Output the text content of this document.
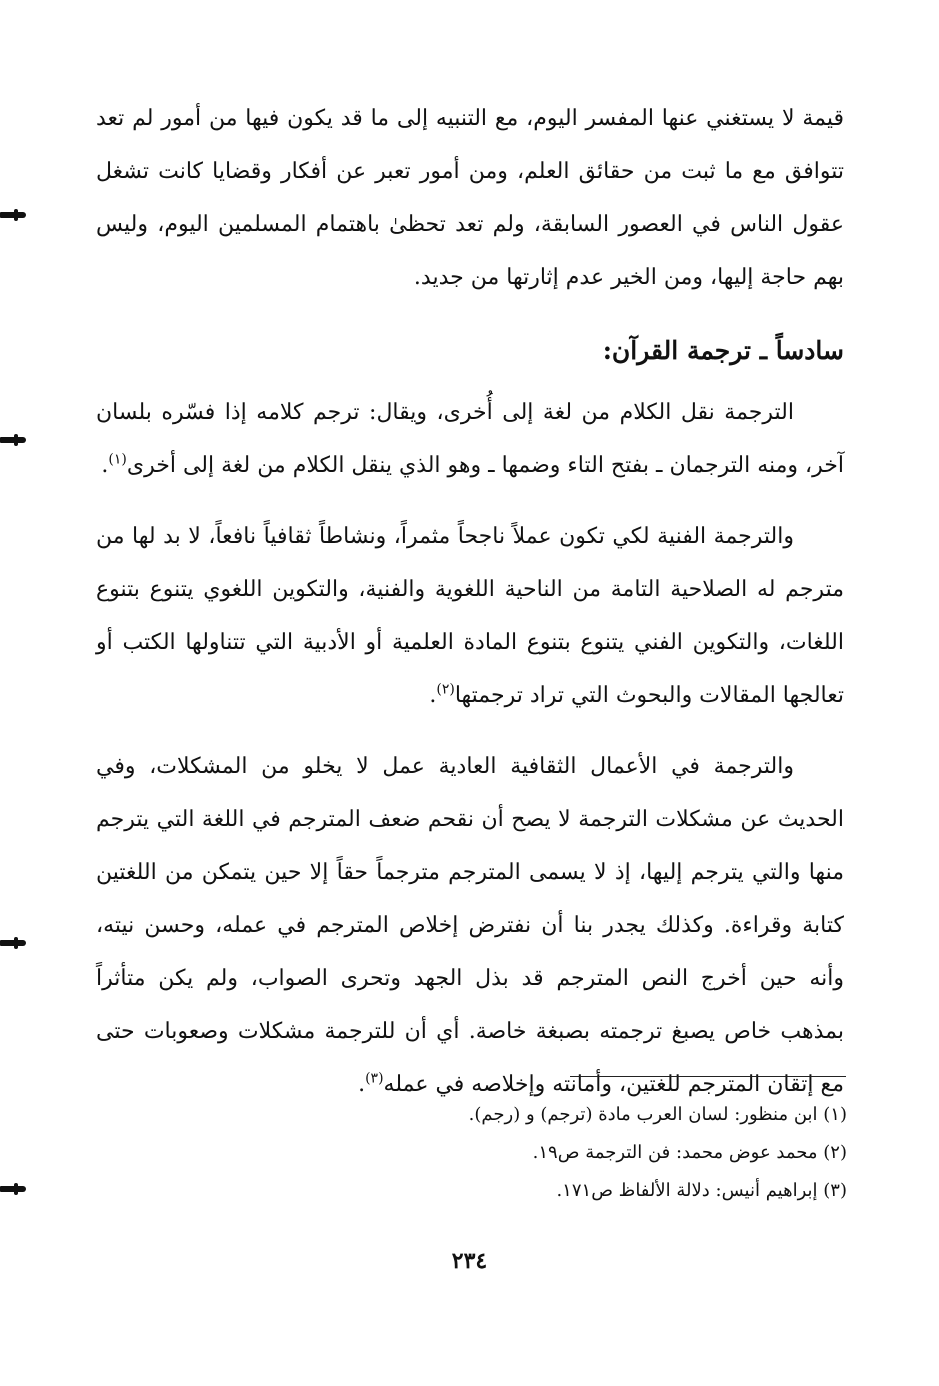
قيمة لا يستغني عنها المفسر اليوم، مع التنبيه إلى ما قد يكون فيها من أمور لم تعد تتوافق مع ما ثبت من حقائق العلم، ومن أمور تعبر عن أفكار وقضايا كانت تشغل عقول الناس في العصور السابقة، ولم تعد تحظىٰ باهتمام المسلمين اليوم، وليس بهم حاجة إليها، ومن الخير عدم إثارتها من جديد.

سادساً ـ ترجمة القرآن:

الترجمة نقل الكلام من لغة إلى أُخرى، ويقال: ترجم كلامه إذا فسّره بلسان آخر، ومنه الترجمان ـ بفتح التاء وضمها ـ وهو الذي ينقل الكلام من لغة إلى أخرى$^{(١)}$.

والترجمة الفنية لكي تكون عملاً ناجحاً مثمراً، ونشاطاً ثقافياً نافعاً، لا بد لها من مترجم له الصلاحية التامة من الناحية اللغوية والفنية، والتكوين اللغوي يتنوع بتنوع اللغات، والتكوين الفني يتنوع بتنوع المادة العلمية أو الأدبية التي تتناولها الكتب أو تعالجها المقالات والبحوث التي تراد ترجمتها$^{(٢)}$.

والترجمة في الأعمال الثقافية العادية عمل لا يخلو من المشكلات، وفي الحديث عن مشكلات الترجمة لا يصح أن نقحم ضعف المترجم في اللغة التي يترجم منها والتي يترجم إليها، إذ لا يسمى المترجم مترجماً حقاً إلا حين يتمكن من اللغتين كتابة وقراءة. وكذلك يجدر بنا أن نفترض إخلاص المترجم في عمله، وحسن نيته، وأنه حين أخرج النص المترجم قد بذل الجهد وتحرى الصواب، ولم يكن متأثراً بمذهب خاص يصبغ ترجمته بصبغة خاصة. أي أن للترجمة مشكلات وصعوبات حتى مع إتقان المترجم للغتين، وأمانته وإخلاصه في عمله$^{(٣)}$.

(١) ابن منظور: لسان العرب مادة (ترجم) و (رجم).
(٢) محمد عوض محمد: فن الترجمة ص١٩.
(٣) إبراهيم أنيس: دلالة الألفاظ ص١٧١.
٢٣٤
